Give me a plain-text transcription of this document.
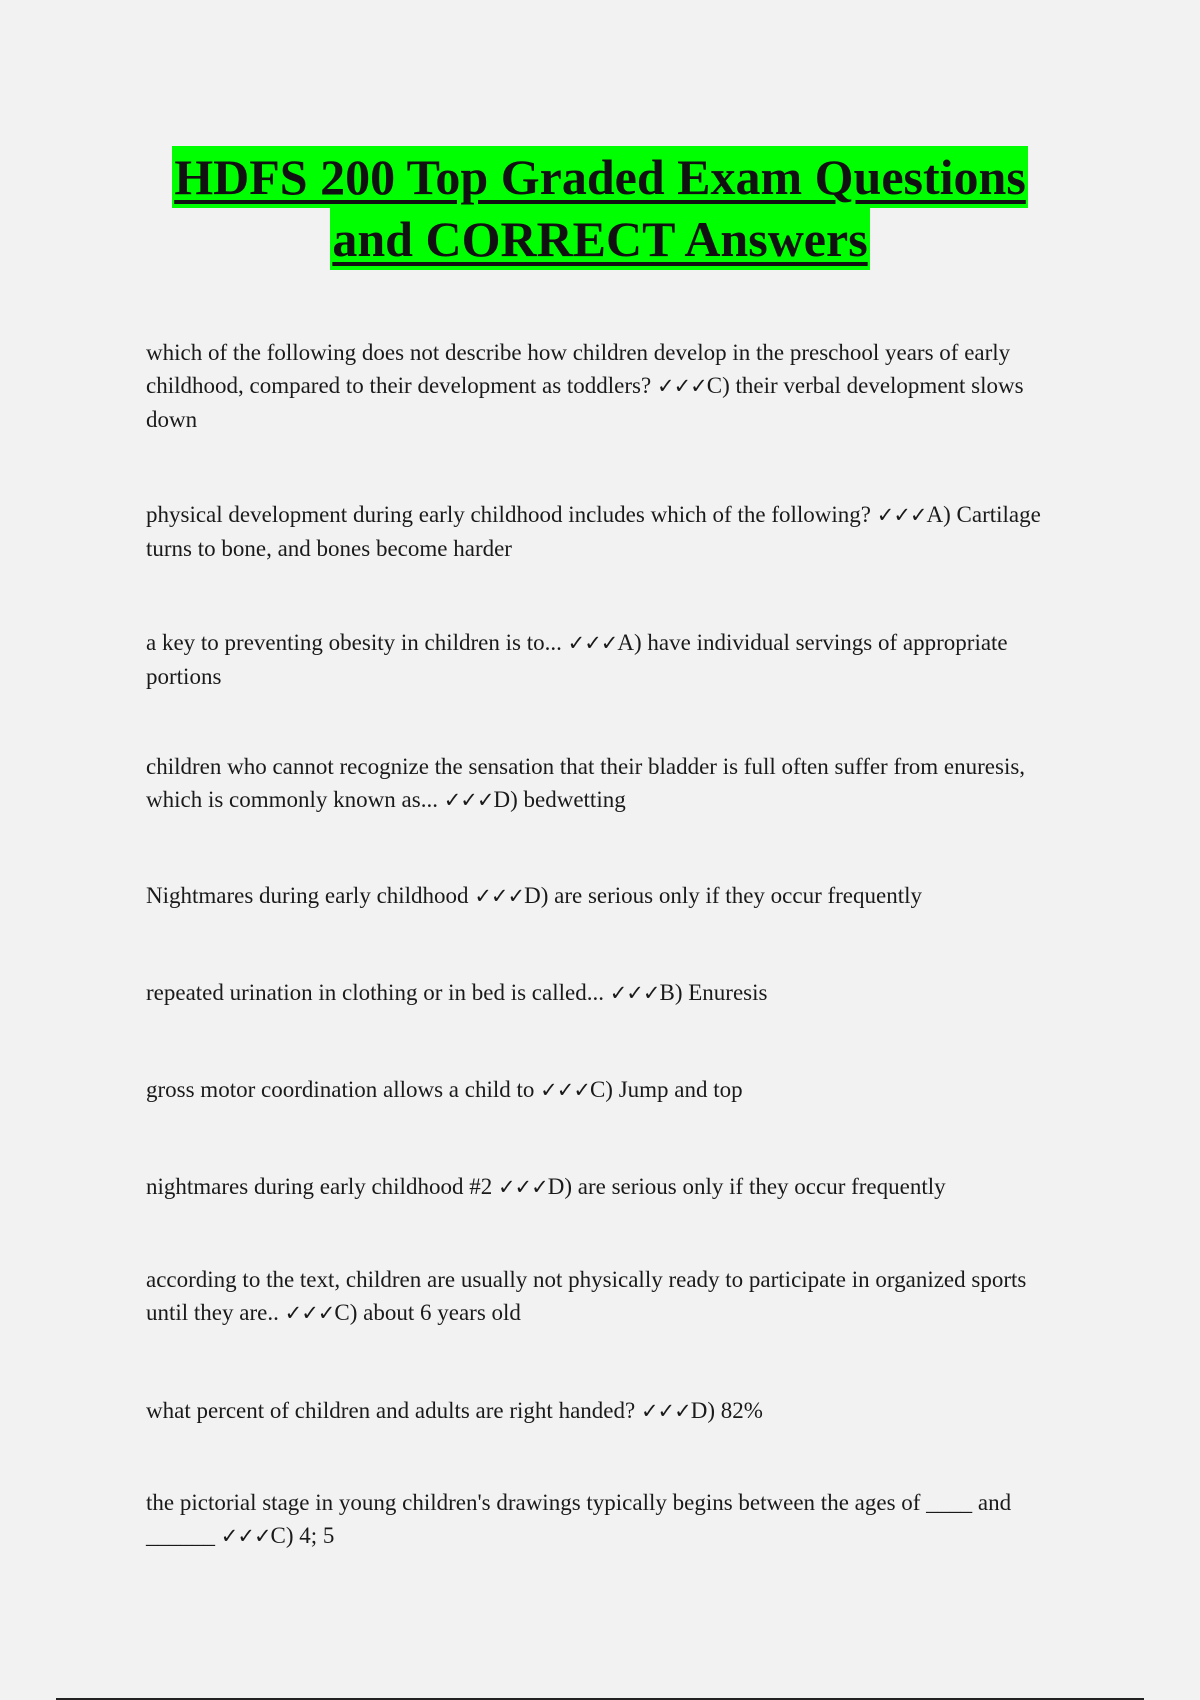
HDFS 200 Top Graded Exam Questions
and CORRECT Answers

which of the following does not describe how children develop in the preschool years of early childhood, compared to their development as toddlers? ✓✓✓C) their verbal development slows down

physical development during early childhood includes which of the following? ✓✓✓A) Cartilage turns to bone, and bones become harder

a key to preventing obesity in children is to... ✓✓✓A) have individual servings of appropriate portions

children who cannot recognize the sensation that their bladder is full often suffer from enuresis, which is commonly known as... ✓✓✓D) bedwetting

Nightmares during early childhood ✓✓✓D) are serious only if they occur frequently

repeated urination in clothing or in bed is called... ✓✓✓B) Enuresis

gross motor coordination allows a child to ✓✓✓C) Jump and top

nightmares during early childhood #2 ✓✓✓D) are serious only if they occur frequently

according to the text, children are usually not physically ready to participate in organized sports until they are.. ✓✓✓C) about 6 years old

what percent of children and adults are right handed? ✓✓✓D) 82%

the pictorial stage in young children's drawings typically begins between the ages of ____ and ______ ✓✓✓C) 4; 5
